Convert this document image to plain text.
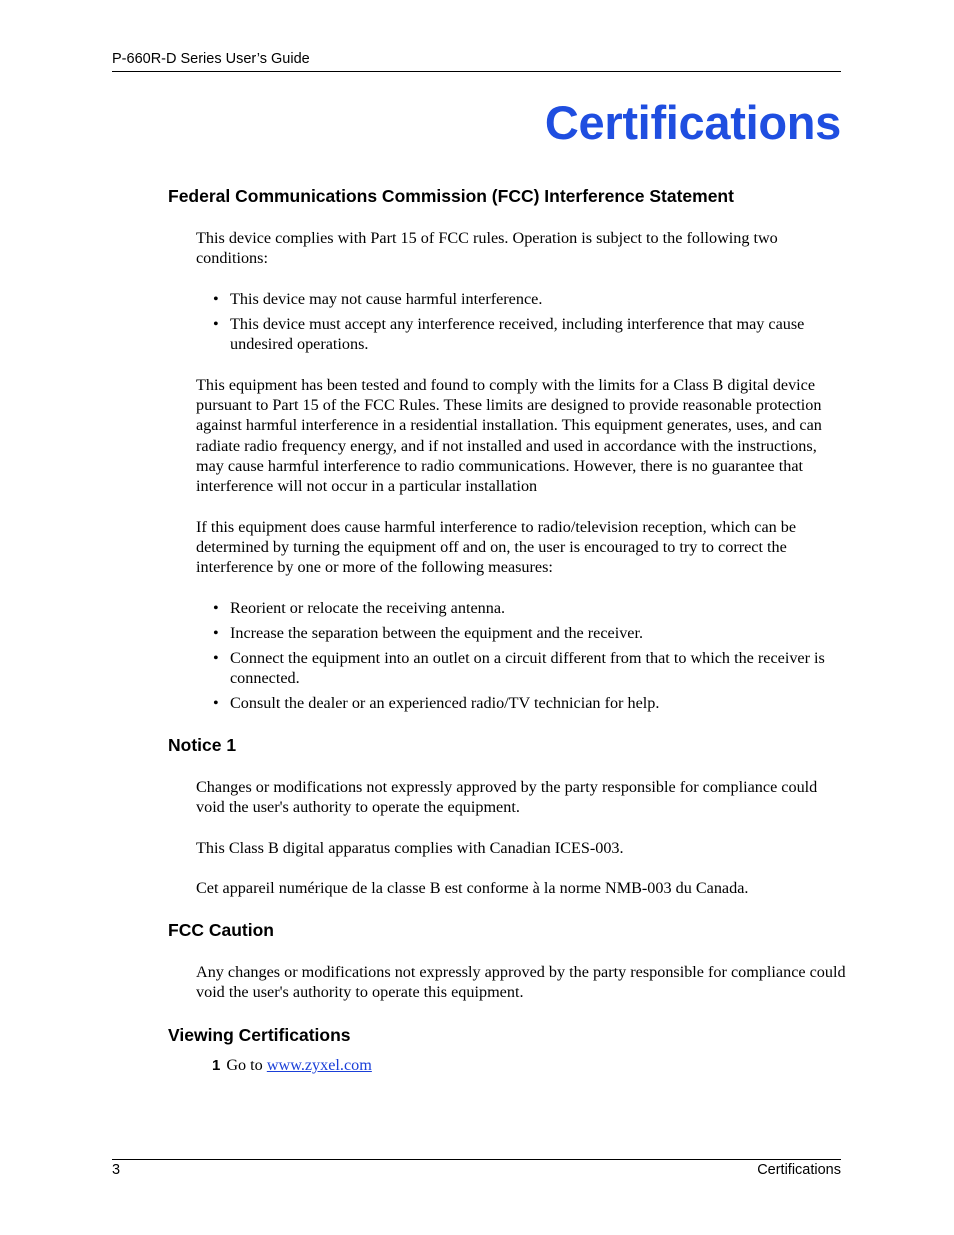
P-660R-D Series User’s Guide
Certifications
Federal Communications Commission (FCC) Interference Statement

This device complies with Part 15 of FCC rules. Operation is subject to the following two conditions:

• This device may not cause harmful interference.
• This device must accept any interference received, including interference that may cause undesired operations.

This equipment has been tested and found to comply with the limits for a Class B digital device pursuant to Part 15 of the FCC Rules. These limits are designed to provide reasonable protection against harmful interference in a residential installation. This equipment generates, uses, and can radiate radio frequency energy, and if not installed and used in accordance with the instructions, may cause harmful interference to radio communications. However, there is no guarantee that interference will not occur in a particular installation

If this equipment does cause harmful interference to radio/television reception, which can be determined by turning the equipment off and on, the user is encouraged to try to correct the interference by one or more of the following measures:

• Reorient or relocate the receiving antenna.
• Increase the separation between the equipment and the receiver.
• Connect the equipment into an outlet on a circuit different from that to which the receiver is connected.
• Consult the dealer or an experienced radio/TV technician for help.
Notice 1

Changes or modifications not expressly approved by the party responsible for compliance could void the user's authority to operate the equipment.

This Class B digital apparatus complies with Canadian ICES-003.

Cet appareil numérique de la classe B est conforme à la norme NMB-003 du Canada.

FCC Caution

Any changes or modifications not expressly approved by the party responsible for compliance could void the user's authority to operate this equipment.

Viewing Certifications
1 Go to www.zyxel.com
3	Certifications
